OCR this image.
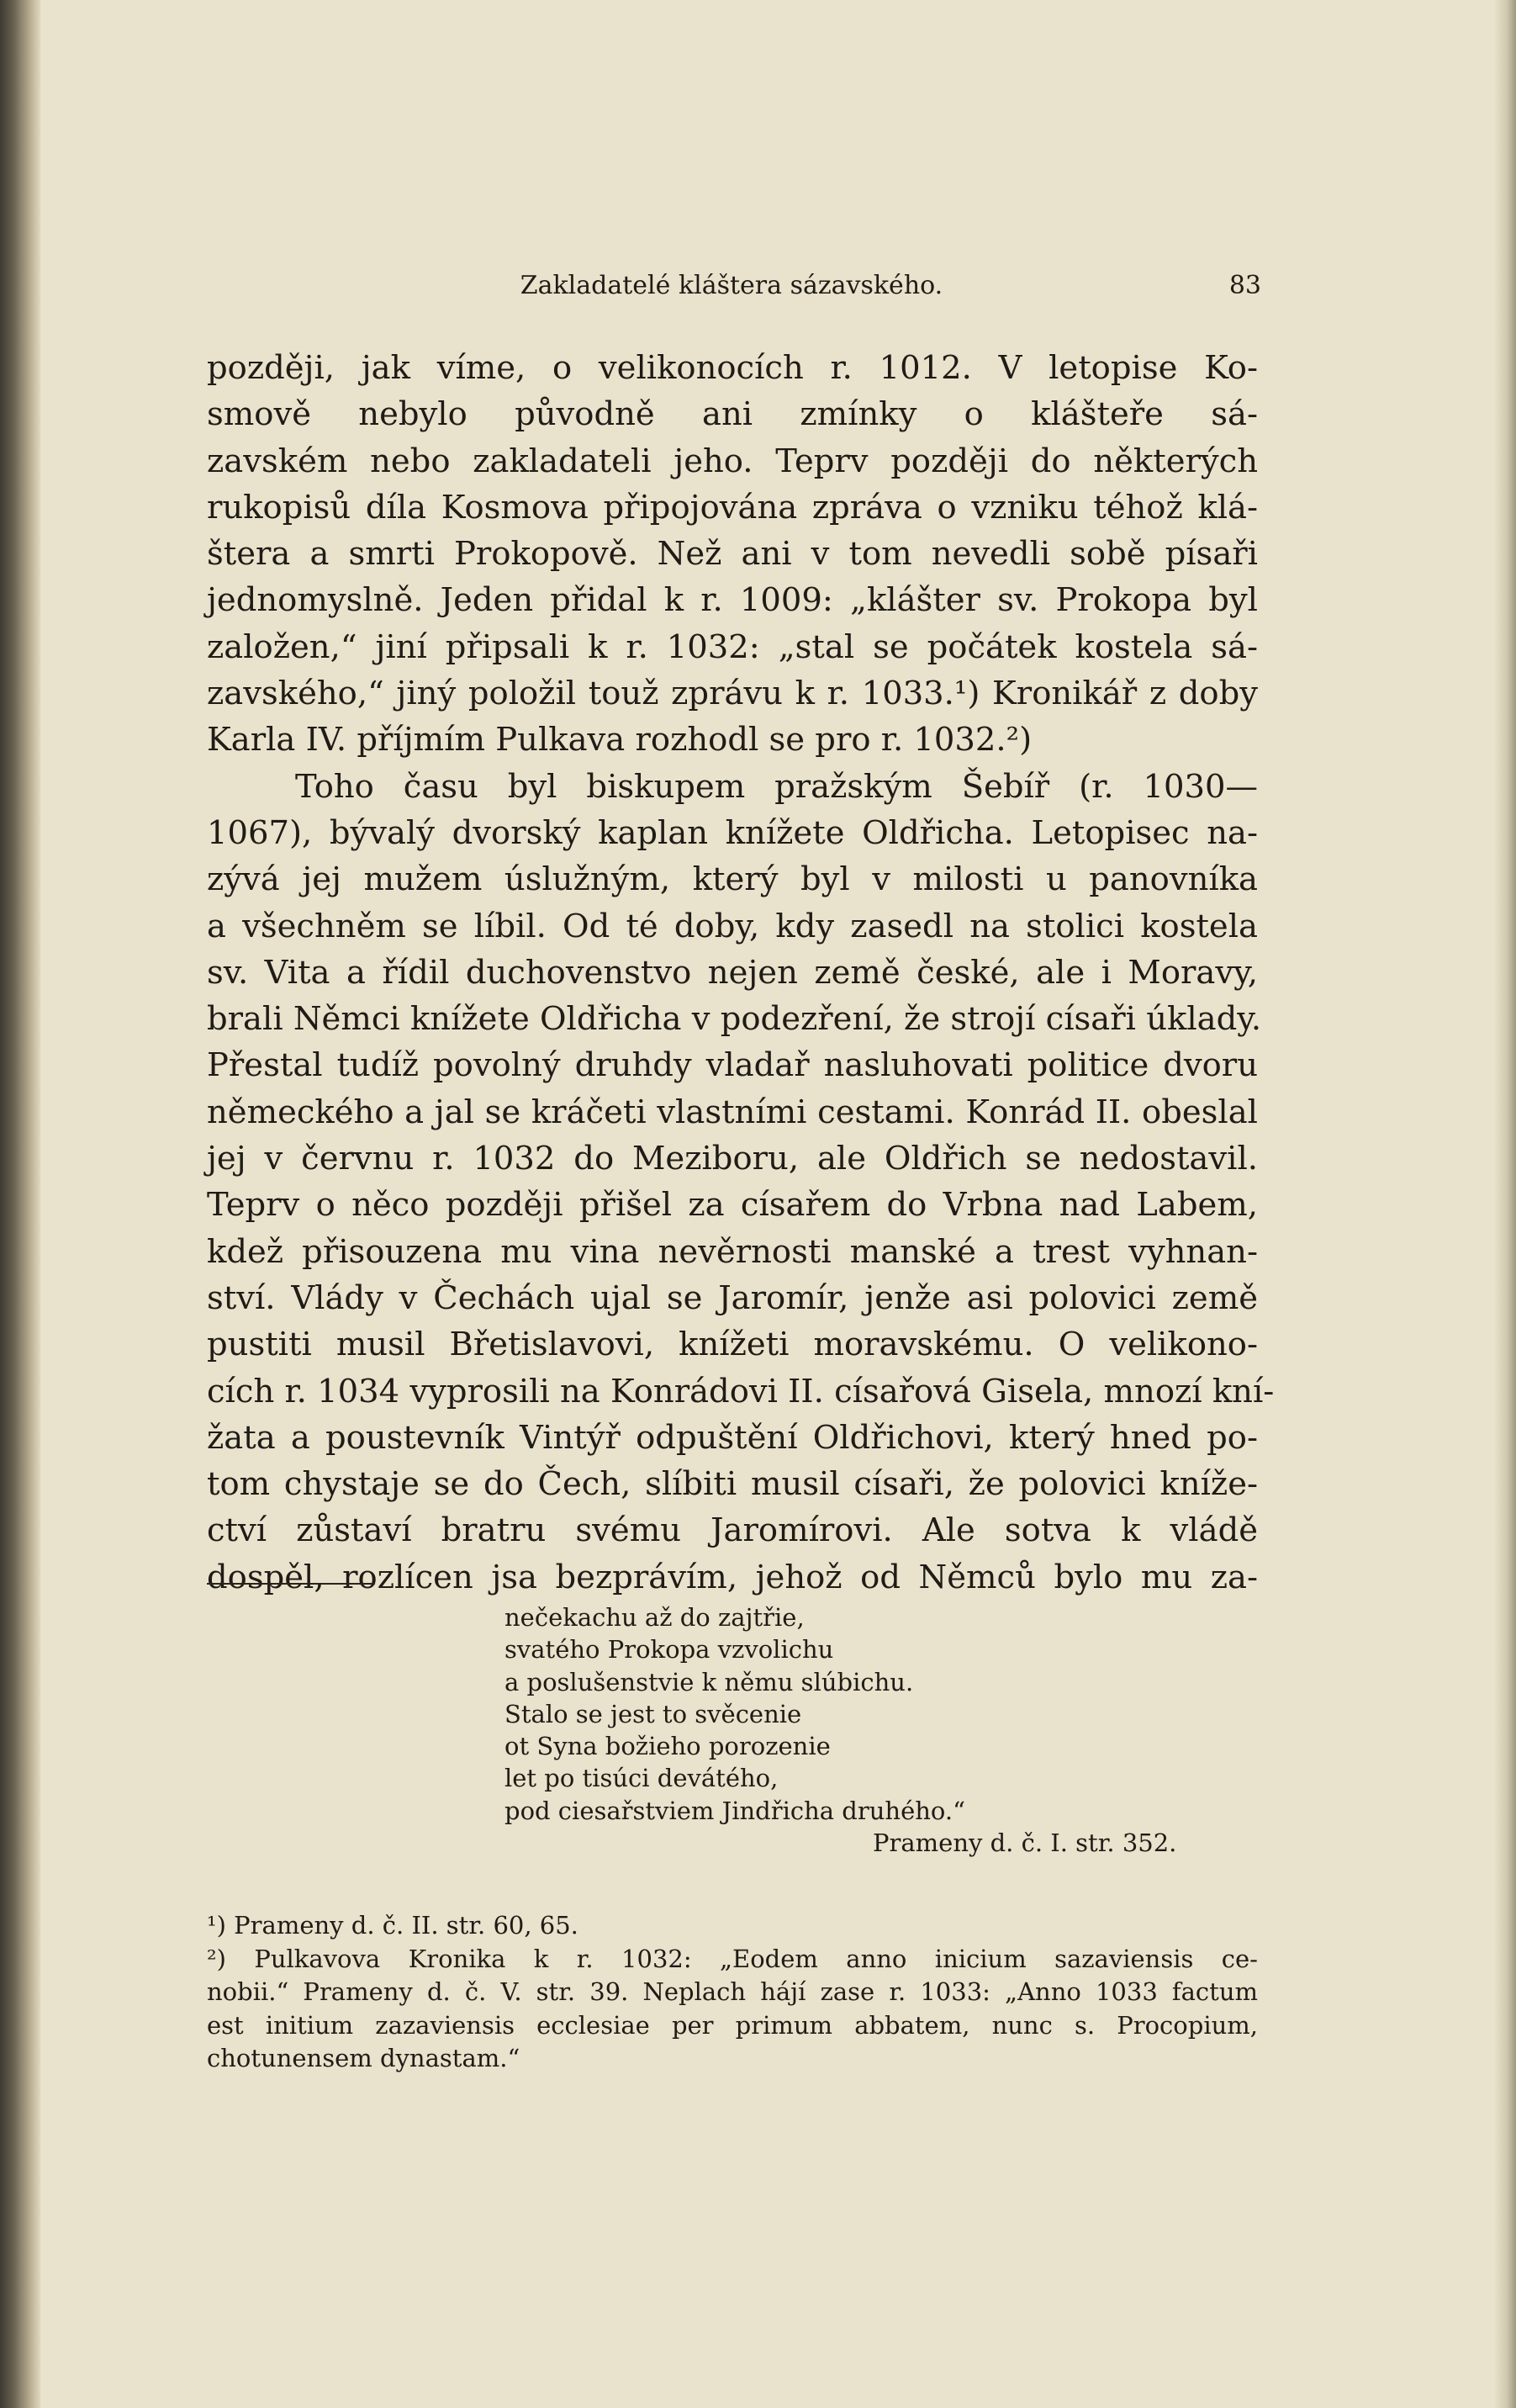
Zakladatelé kláštera sázavského.	83
později, jak víme, o velikonocích r. 1012. V letopise Ko-
smově nebylo původně ani zmínky o klášteře sá-
zavském nebo zakladateli jeho. Teprv později do některých
rukopisů díla Kosmova připojována zpráva o vzniku téhož klá-
štera a smrti Prokopově. Než ani v tom nevedli sobě písaři
jednomyslně. Jeden přidal k r. 1009: „klášter sv. Prokopa byl
založen,“ jiní připsali k r. 1032: „stal se počátek kostela sá-
zavského,“ jiný položil touž zprávu k r. 1033.¹) Kronikář z doby
Karla IV. příjmím Pulkava rozhodl se pro r. 1032.²)
Toho času byl biskupem pražským Šebíř (r. 1030—
1067), bývalý dvorský kaplan knížete Oldřicha. Letopisec na-
zývá jej mužem úslužným, který byl v milosti u panovníka
a všechněm se líbil. Od té doby, kdy zasedl na stolici kostela
sv. Vita a řídil duchovenstvo nejen země české, ale i Moravy,
brali Němci knížete Oldřicha v podezření, že strojí císaři úklady.
Přestal tudíž povolný druhdy vladař nasluhovati politice dvoru
německého a jal se kráčeti vlastními cestami. Konrád II. obeslal
jej v červnu r. 1032 do Meziboru, ale Oldřich se nedostavil.
Teprv o něco později přišel za císařem do Vrbna nad Labem,
kdež přisouzena mu vina nevěrnosti manské a trest vyhnan-
ství. Vlády v Čechách ujal se Jaromír, jenže asi polovici země
pustiti musil Břetislavovi, knížeti moravskému. O velikono-
cích r. 1034 vyprosili na Konrádovi II. císařová Gisela, mnozí kní-
žata a poustevník Vintýř odpuštění Oldřichovi, který hned po-
tom chystaje se do Čech, slíbiti musil císaři, že polovici kníže-
ctví zůstaví bratru svému Jaromírovi. Ale sotva k vládě
dospěl, rozlícen jsa bezprávím, jehož od Němců bylo mu za-
nečekachu až do zajtřie,
svatého Prokopa vzvolichu
a poslušenstvie k němu slúbichu.
Stalo se jest to svěcenie
ot Syna božieho porozenie
let po tisúci devátého,
pod ciesařstviem Jindřicha druhého.“
Prameny d. č. I. str. 352.
¹) Prameny d. č. II. str. 60, 65.
²) Pulkavova Kronika k r. 1032: „Eodem anno inicium sazaviensis ce-
nobii.“ Prameny d. č. V. str. 39. Neplach hájí zase r. 1033: „Anno 1033 factum
est initium zazaviensis ecclesiae per primum abbatem, nunc s. Procopium,
chotunensem dynastam.“
